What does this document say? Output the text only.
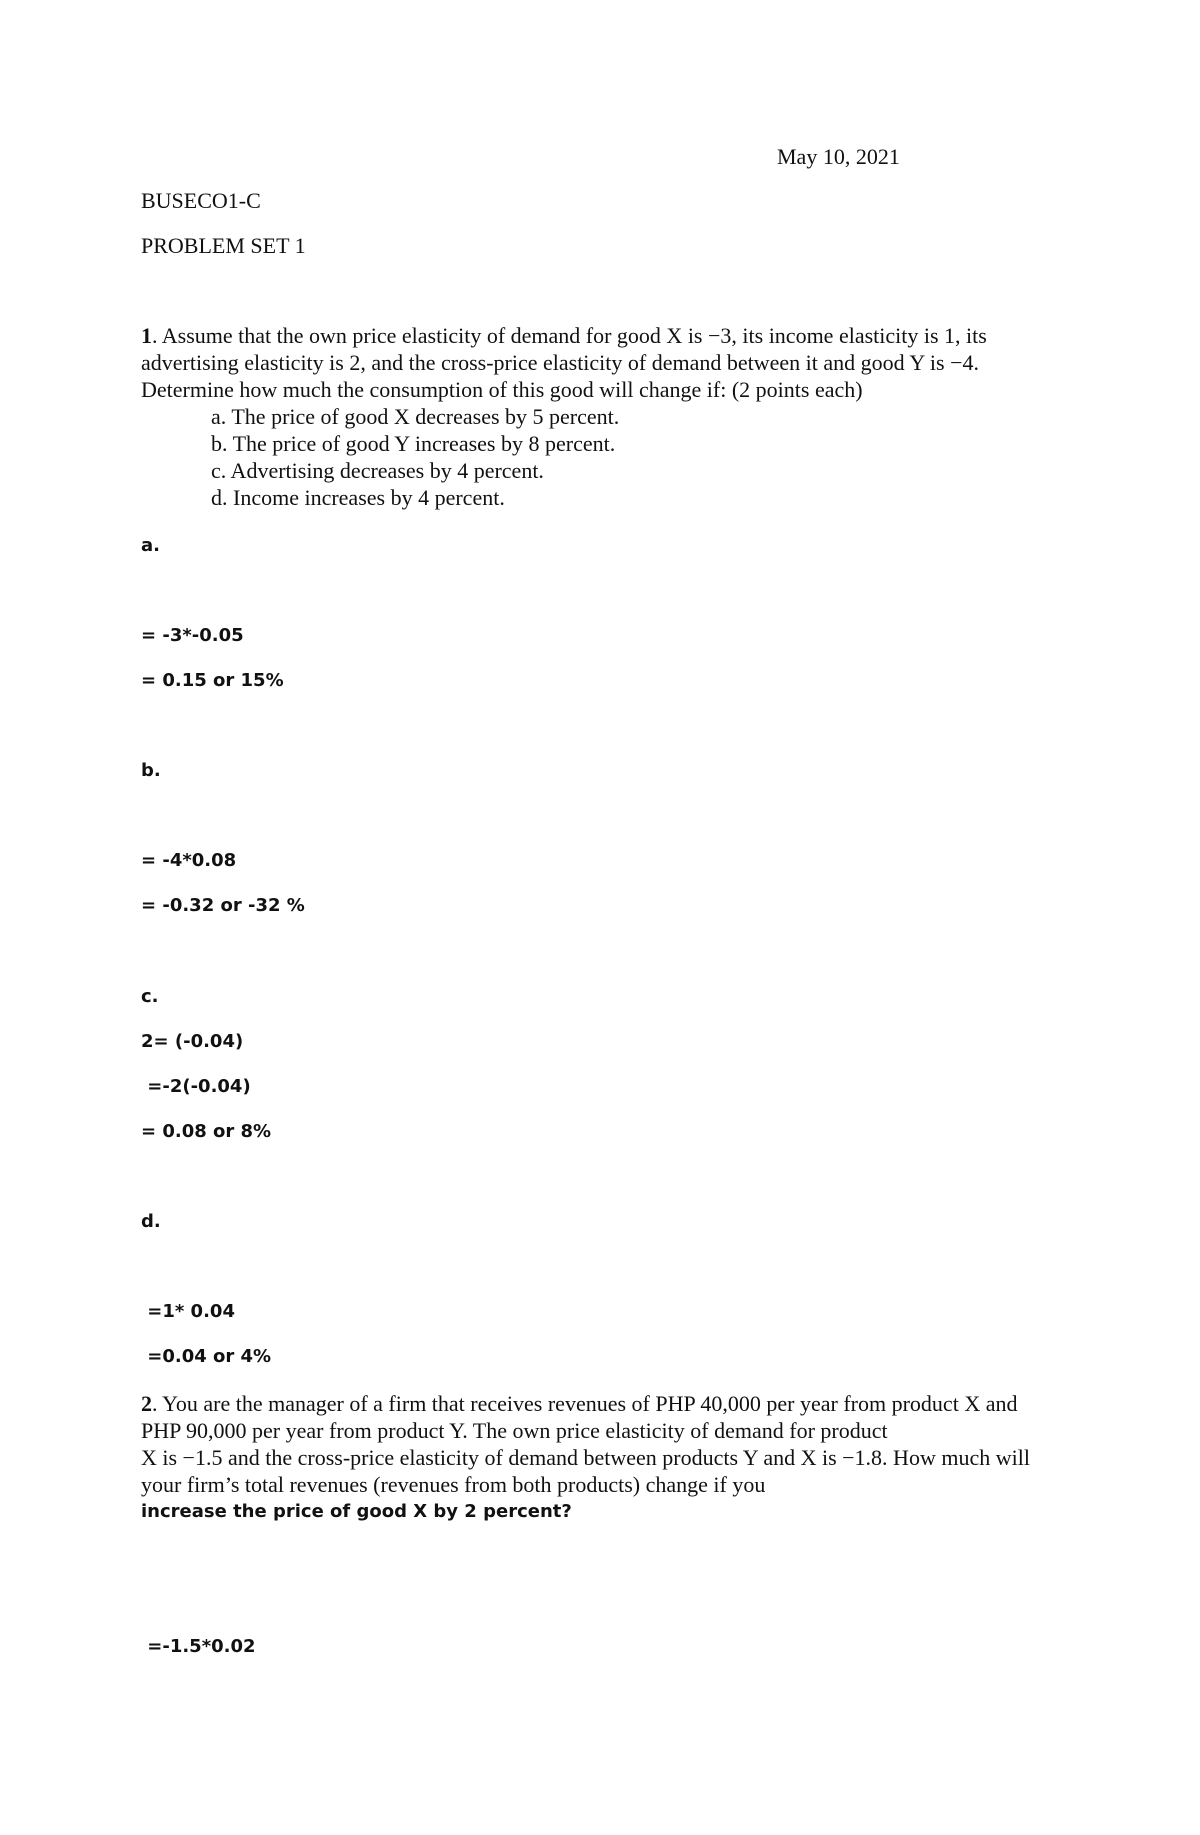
May 10, 2021
BUSECO1-C
PROBLEM SET 1
1. Assume that the own price elasticity of demand for good X is −3, its income elasticity is 1, its
advertising elasticity is 2, and the cross-price elasticity of demand between it and good Y is −4.
Determine how much the consumption of this good will change if: (2 points each)
a. The price of good X decreases by 5 percent.
b. The price of good Y increases by 8 percent.
c. Advertising decreases by 4 percent.
d. Income increases by 4 percent.
a.
= -3*-0.05
= 0.15 or 15%
b.
= -4*0.08
= -0.32 or -32 %
c.
2= (-0.04)
=-2(-0.04)
= 0.08 or 8%
d.
=1* 0.04
=0.04 or 4%
2. You are the manager of a firm that receives revenues of PHP 40,000 per year from product X and
PHP 90,000 per year from product Y. The own price elasticity of demand for product
X is −1.5 and the cross-price elasticity of demand between products Y and X is −1.8. How much will
your firm’s total revenues (revenues from both products) change if you
increase the price of good X by 2 percent?
=-1.5*0.02
